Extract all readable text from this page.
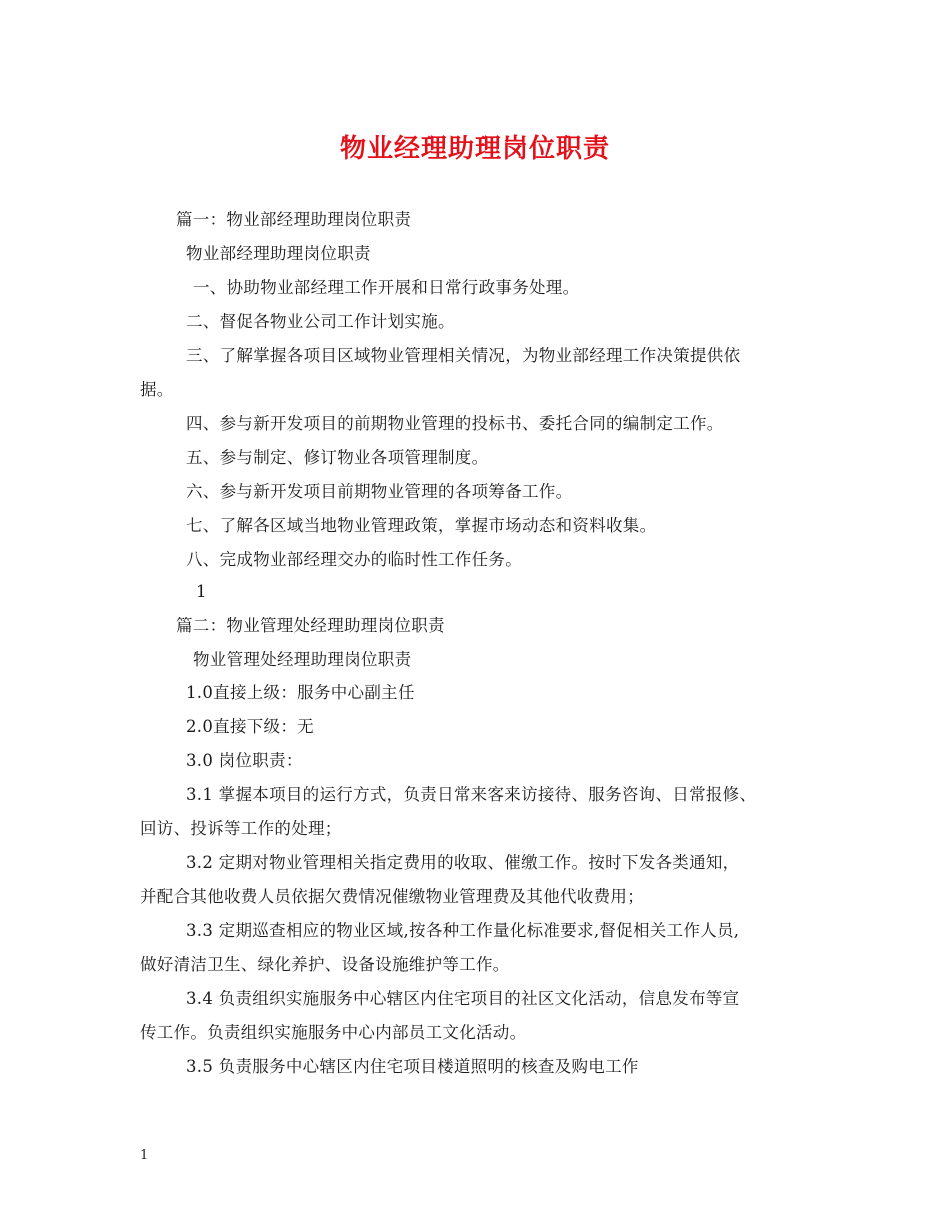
物业经理助理岗位职责
篇一：物业部经理助理岗位职责
物业部经理助理岗位职责
一、协助物业部经理工作开展和日常行政事务处理。
二、督促各物业公司工作计划实施。
三、了解掌握各项目区域物业管理相关情况，为物业部经理工作决策提供依
据。
四、参与新开发项目的前期物业管理的投标书、委托合同的编制定工作。
五、参与制定、修订物业各项管理制度。
六、参与新开发项目前期物业管理的各项筹备工作。
七、了解各区域当地物业管理政策，掌握市场动态和资料收集。
八、完成物业部经理交办的临时性工作任务。
1
篇二：物业管理处经理助理岗位职责
物业管理处经理助理岗位职责
1.0直接上级：服务中心副主任
2.0直接下级：无
3.0 岗位职责：
3.1 掌握本项目的运行方式，负责日常来客来访接待、服务咨询、日常报修、
回访、投诉等工作的处理；
3.2 定期对物业管理相关指定费用的收取、催缴工作。按时下发各类通知，
并配合其他收费人员依据欠费情况催缴物业管理费及其他代收费用；
3.3 定期巡查相应的物业区域,按各种工作量化标准要求,督促相关工作人员,
做好清洁卫生、绿化养护、设备设施维护等工作。
3.4 负责组织实施服务中心辖区内住宅项目的社区文化活动，信息发布等宣
传工作。负责组织实施服务中心内部员工文化活动。
3.5 负责服务中心辖区内住宅项目楼道照明的核查及购电工作
1
